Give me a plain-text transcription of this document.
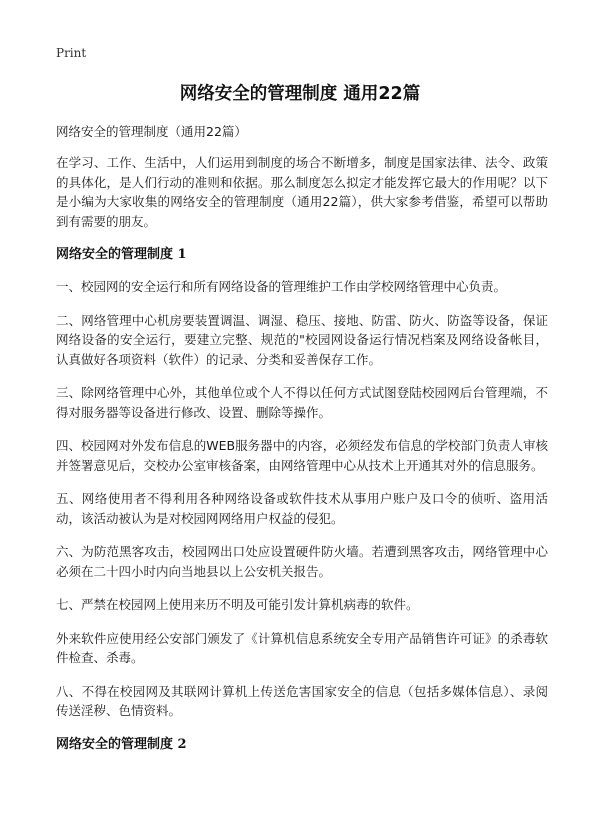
Print
网络安全的管理制度 通用22篇

网络安全的管理制度（通用22篇）

在学习、工作、生活中，人们运用到制度的场合不断增多，制度是国家法律、法令、政策的具体化，是人们行动的准则和依据。那么制度怎么拟定才能发挥它最大的作用呢？以下是小编为大家收集的网络安全的管理制度（通用22篇），供大家参考借鉴，希望可以帮助到有需要的朋友。

网络安全的管理制度 1

一、校园网的安全运行和所有网络设备的管理维护工作由学校网络管理中心负责。

二、网络管理中心机房要装置调温、调湿、稳压、接地、防雷、防火、防盗等设备，保证网络设备的安全运行，要建立完整、规范的"校园网设备运行情况档案及网络设备帐目，认真做好各项资料（软件）的记录、分类和妥善保存工作。

三、除网络管理中心外，其他单位或个人不得以任何方式试图登陆校园网后台管理端，不得对服务器等设备进行修改、设置、删除等操作。

四、校园网对外发布信息的WEB服务器中的内容，必须经发布信息的学校部门负责人审核并签署意见后，交校办公室审核备案，由网络管理中心从技术上开通其对外的信息服务。

五、网络使用者不得利用各种网络设备或软件技术从事用户账户及口令的侦听、盗用活动，该活动被认为是对校园网网络用户权益的侵犯。

六、为防范黑客攻击，校园网出口处应设置硬件防火墙。若遭到黑客攻击，网络管理中心必须在二十四小时内向当地县以上公安机关报告。

七、严禁在校园网上使用来历不明及可能引发计算机病毒的软件。

外来软件应使用经公安部门颁发了《计算机信息系统安全专用产品销售许可证》的杀毒软件检查、杀毒。

八、不得在校园网及其联网计算机上传送危害国家安全的信息（包括多媒体信息）、录阅传送淫秽、色情资料。

网络安全的管理制度 2
